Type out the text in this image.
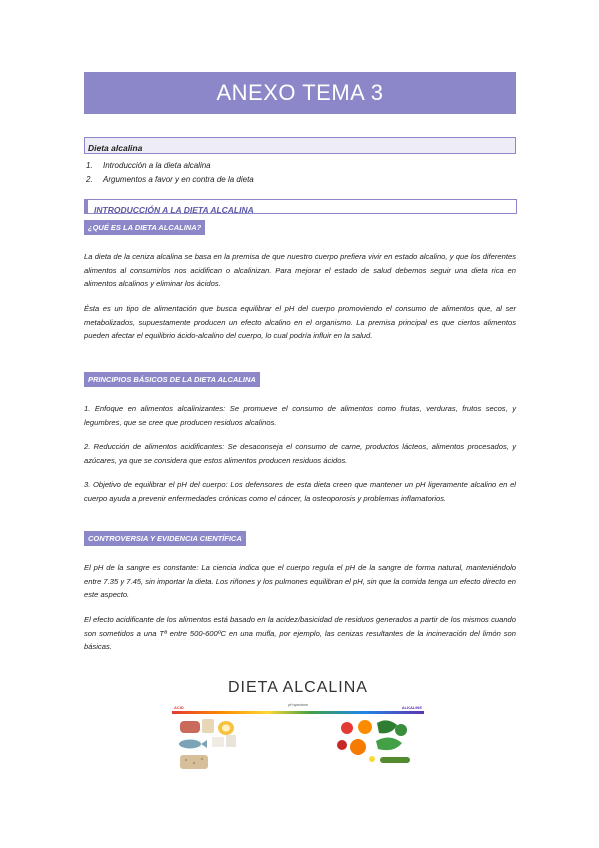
ANEXO TEMA 3
Dieta alcalina
1. Introducción a la dieta alcalina
2. Argumentos a favor y en contra de la dieta
INTRODUCCIÓN A LA DIETA ALCALINA
¿QUÉ ES LA DIETA ALCALINA?
La dieta de la ceniza alcalina se basa en la premisa de que nuestro cuerpo prefiera vivir en estado alcalino, y que los diferentes alimentos al consumirlos nos acidifican o alcalinizan. Para mejorar el estado de salud debemos seguir una dieta rica en alimentos alcalinos y eliminar los ácidos.
Ésta es un tipo de alimentación que busca equilibrar el pH del cuerpo promoviendo el consumo de alimentos que, al ser metabolizados, supuestamente producen un efecto alcalino en el organismo. La premisa principal es que ciertos alimentos pueden afectar el equilibrio ácido-alcalino del cuerpo, lo cual podría influir en la salud.
PRINCIPIOS BÁSICOS DE LA DIETA ALCALINA
1. Enfoque en alimentos alcalinizantes: Se promueve el consumo de alimentos como frutas, verduras, frutos secos, y legumbres, que se cree que producen residuos alcalinos.
2. Reducción de alimentos acidificantes: Se desaconseja el consumo de carne, productos lácteos, alimentos procesados, y azúcares, ya que se considera que estos alimentos producen residuos ácidos.
3. Objetivo de equilibrar el pH del cuerpo: Los defensores de esta dieta creen que mantener un pH ligeramente alcalino en el cuerpo ayuda a prevenir enfermedades crónicas como el cáncer, la osteoporosis y problemas inflamatorios.
CONTROVERSIA Y EVIDENCIA CIENTÍFICA
El pH de la sangre es constante: La ciencia indica que el cuerpo regula el pH de la sangre de forma natural, manteniéndolo entre 7.35 y 7.45, sin importar la dieta. Los riñones y los pulmones equilibran el pH, sin que la comida tenga un efecto directo en este aspecto.
El efecto acidificante de los alimentos está basado en la acidez/basicidad de residuos generados a partir de los mismos cuando son sometidos a una Tª entre 500-600ºC en una mufla, por ejemplo, las cenizas resultantes de la incineración del limón son básicas.
DIETA ALCALINA
ACID	pH spectrum	ALKALINE
